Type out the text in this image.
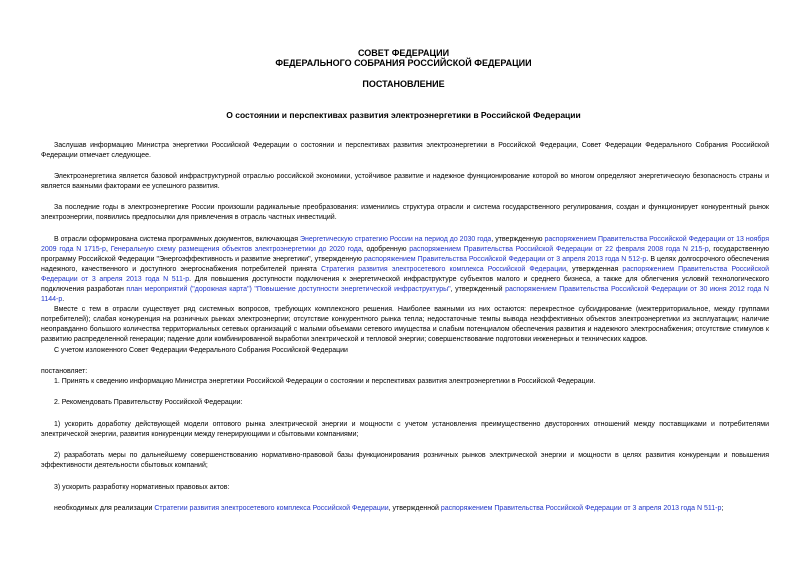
СОВЕТ ФЕДЕРАЦИИ
ФЕДЕРАЛЬНОГО СОБРАНИЯ РОССИЙСКОЙ ФЕДЕРАЦИИ
ПОСТАНОВЛЕНИЕ
О состоянии и перспективах развития электроэнергетики в Российской Федерации

Заслушав информацию Министра энергетики Российской Федерации о состоянии и перспективах развития электроэнергетики в Российской Федерации, Совет Федерации Федерального Собрания Российской Федерации отмечает следующее.

Электроэнергетика является базовой инфраструктурной отраслью российской экономики, устойчивое развитие и надежное функционирование которой во многом определяют энергетическую безопасность страны и является важными факторами ее успешного развития.

За последние годы в электроэнергетике России произошли радикальные преобразования: изменились структура отрасли и система государственного регулирования, создан и функционирует конкурентный рынок электроэнергии, появились предпосылки для привлечения в отрасль частных инвестиций.

В отрасли сформирована система программных документов, включающая Энергетическую стратегию России на период до 2030 года, утвержденную распоряжением Правительства Российской Федерации от 13 ноября 2009 года N 1715-р, Генеральную схему размещения объектов электроэнергетики до 2020 года, одобренную распоряжением Правительства Российской Федерации от 22 февраля 2008 года N 215-р, государственную программу Российской Федерации "Энергоэффективность и развитие энергетики", утвержденную распоряжением Правительства Российской Федерации от 3 апреля 2013 года N 512-р. В целях долгосрочного обеспечения надежного, качественного и доступного энергоснабжения потребителей принята Стратегия развития электросетевого комплекса Российской Федерации, утвержденная распоряжением Правительства Российской Федерации от 3 апреля 2013 года N 511-р. Для повышения доступности подключения к энергетической инфраструктуре субъектов малого и среднего бизнеса, а также для облегчения условий технологического подключения разработан план мероприятий ("дорожная карта") "Повышение доступности энергетической инфраструктуры", утвержденный распоряжением Правительства Российской Федерации от 30 июня 2012 года N 1144-р.

Вместе с тем в отрасли существует ряд системных вопросов, требующих комплексного решения. Наиболее важными из них остаются: перекрестное субсидирование (межтерриториальное, между группами потребителей); слабая конкуренция на розничных рынках электроэнергии; отсутствие конкурентного рынка тепла; недостаточные темпы вывода неэффективных объектов электроэнергетики из эксплуатации; наличие неоправданно большого количества территориальных сетевых организаций с малыми объемами сетевого имущества и слабым потенциалом обеспечения развития и надежного электроснабжения; отсутствие стимулов к развитию распределенной генерации; падение доли комбинированной выработки электрической и тепловой энергии; совершенствование подготовки инженерных и технических кадров.

С учетом изложенного Совет Федерации Федерального Собрания Российской Федерации

постановляет:

1. Принять к сведению информацию Министра энергетики Российской Федерации о состоянии и перспективах развития электроэнергетики в Российской Федерации.

2. Рекомендовать Правительству Российской Федерации:

1) ускорить доработку действующей модели оптового рынка электрической энергии и мощности с учетом установления преимущественно двусторонних отношений между поставщиками и потребителями электрической энергии, развития конкуренции между генерирующими и сбытовыми компаниями;

2) разработать меры по дальнейшему совершенствованию нормативно-правовой базы функционирования розничных рынков электрической энергии и мощности в целях развития конкуренции и повышения эффективности деятельности сбытовых компаний;

3) ускорить разработку нормативных правовых актов:

необходимых для реализации Стратегии развития электросетевого комплекса Российской Федерации, утвержденной распоряжением Правительства Российской Федерации от 3 апреля 2013 года N 511-р;
